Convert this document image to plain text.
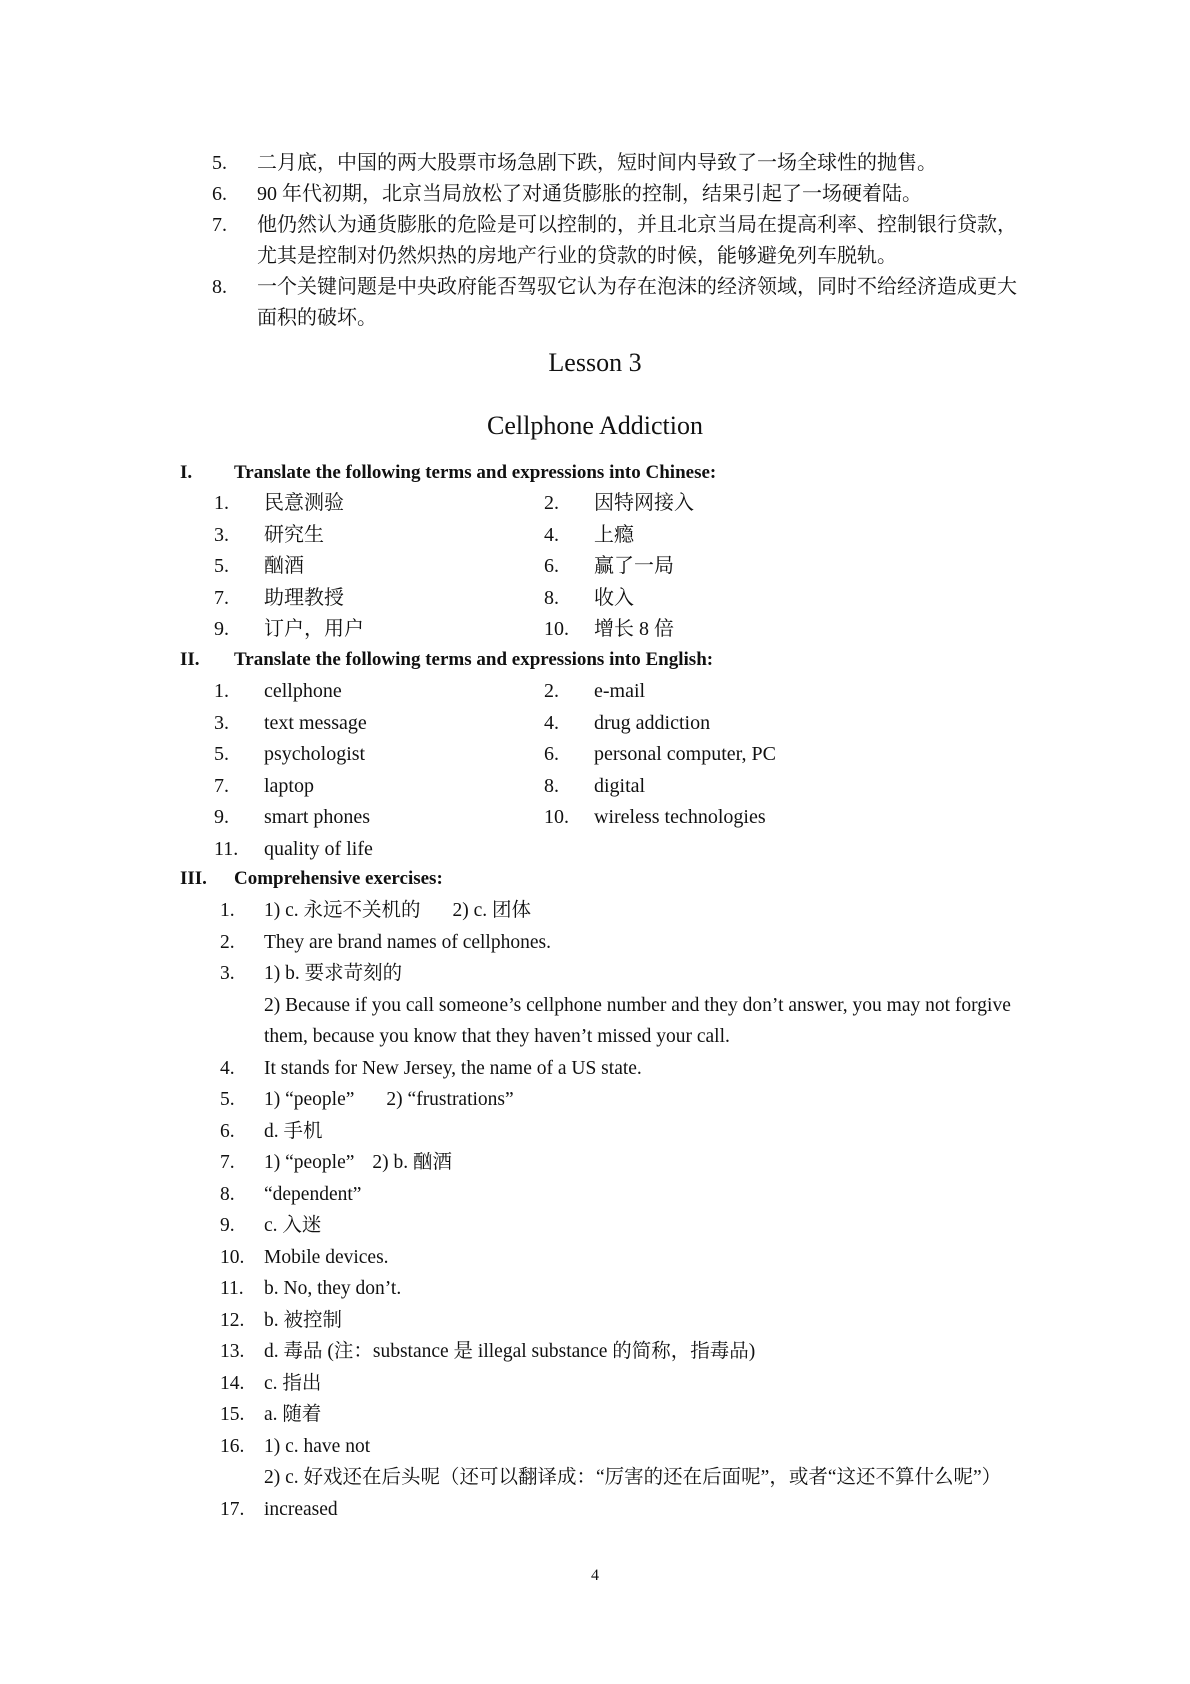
5.	二月底，中国的两大股票市场急剧下跌，短时间内导致了一场全球性的抛售。
6.	90 年代初期，北京当局放松了对通货膨胀的控制，结果引起了一场硬着陆。
7.	他仍然认为通货膨胀的危险是可以控制的，并且北京当局在提高利率、控制银行贷款，尤其是控制对仍然炽热的房地产行业的贷款的时候，能够避免列车脱轨。
8.	一个关键问题是中央政府能否驾驭它认为存在泡沫的经济领域，同时不给经济造成更大面积的破坏。
Lesson 3
Cellphone Addiction
I.	Translate the following terms and expressions into Chinese:
1.	民意测验	2.	因特网接入
3.	研究生	4.	上瘾
5.	酗酒	6.	赢了一局
7.	助理教授	8.	收入
9.	订户，用户	10.	增长 8 倍
II.	Translate the following terms and expressions into English:
1.	cellphone	2.	e-mail
3.	text message	4.	drug addiction
5.	psychologist	6.	personal computer, PC
7.	laptop	8.	digital
9.	smart phones	10.	wireless technologies
11.	quality of life
III.	Comprehensive exercises:
1.	1) c. 永远不关机的 2) c. 团体
2.	They are brand names of cellphones.
3.	1) b. 要求苛刻的
2) Because if you call someone’s cellphone number and they don’t answer, you may not forgive them, because you know that they haven’t missed your call.
4.	It stands for New Jersey, the name of a US state.
5.	1) “people” 2) “frustrations”
6.	d. 手机
7.	1) “people” 2) b. 酗酒
8.	“dependent”
9.	c. 入迷
10.	Mobile devices.
11.	b. No, they don’t.
12.	b. 被控制
13.	d. 毒品 (注：substance 是 illegal substance 的简称，指毒品)
14.	c. 指出
15.	a. 随着
16.	1) c. have not
2) c. 好戏还在后头呢（还可以翻译成：“厉害的还在后面呢”，或者“这还不算什么呢”）
17.	increased
4
